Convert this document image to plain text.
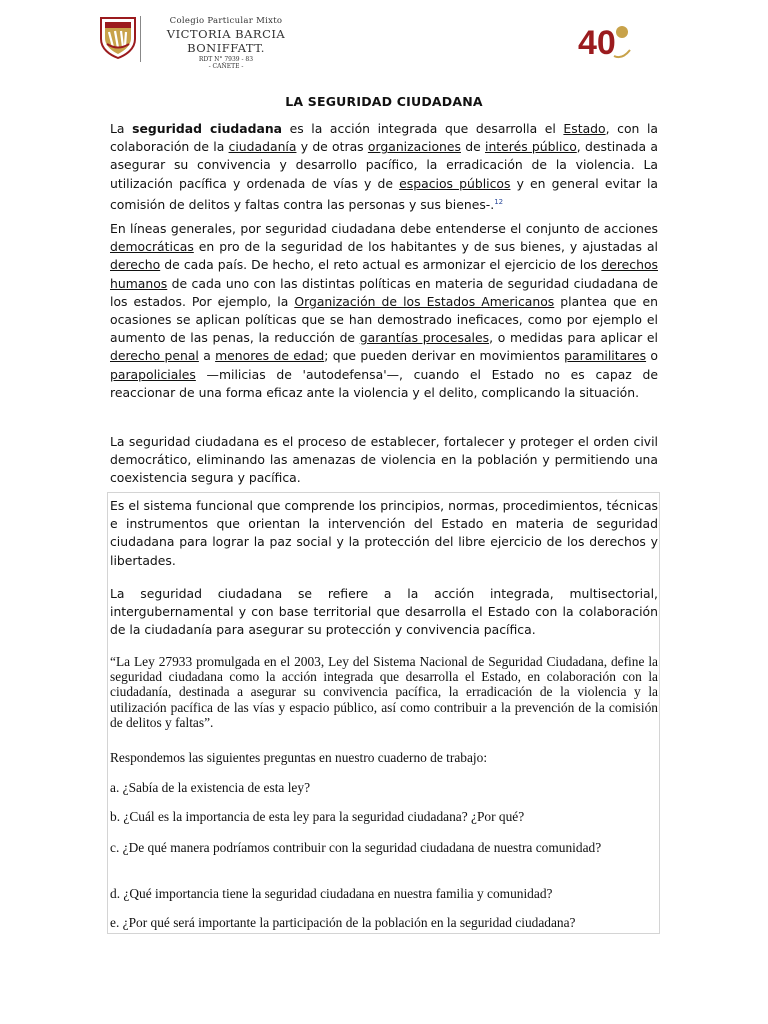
Colegio Particular Mixto
VICTORIA BARCIA BONIFFATT.
RDT N° 7939 - 83
- CAÑETE -
40
LA SEGURIDAD CIUDADANA

La seguridad ciudadana es la acción integrada que desarrolla el Estado, con la colaboración de la ciudadanía y de otras organizaciones de interés público, destinada a asegurar su convivencia y desarrollo pacífico, la erradicación de la violencia. La utilización pacífica y ordenada de vías y de espacios públicos y en general evitar la comisión de delitos y faltas contra las personas y sus bienes-.$^{12}$

En líneas generales, por seguridad ciudadana debe entenderse el conjunto de acciones democráticas en pro de la seguridad de los habitantes y de sus bienes, y ajustadas al derecho de cada país. De hecho, el reto actual es armonizar el ejercicio de los derechos humanos de cada uno con las distintas políticas en materia de seguridad ciudadana de los estados. Por ejemplo, la Organización de los Estados Americanos plantea que en ocasiones se aplican políticas que se han demostrado ineficaces, como por ejemplo el aumento de las penas, la reducción de garantías procesales, o medidas para aplicar el derecho penal a menores de edad; que pueden derivar en movimientos paramilitares o parapoliciales —milicias de 'autodefensa'—, cuando el Estado no es capaz de reaccionar de una forma eficaz ante la violencia y el delito, complicando la situación.

La seguridad ciudadana es el proceso de establecer, fortalecer y proteger el orden civil democrático, eliminando las amenazas de violencia en la población y permitiendo una coexistencia segura y pacífica.

Es el sistema funcional que comprende los principios, normas, procedimientos, técnicas e instrumentos que orientan la intervención del Estado en materia de seguridad ciudadana para lograr la paz social y la protección del libre ejercicio de los derechos y libertades.

La seguridad ciudadana se refiere a la acción integrada, multisectorial, intergubernamental y con base territorial que desarrolla el Estado con la colaboración de la ciudadanía para asegurar su protección y convivencia pacífica.

“La Ley 27933 promulgada en el 2003, Ley del Sistema Nacional de Seguridad Ciudadana, define la seguridad ciudadana como la acción integrada que desarrolla el Estado, en colaboración con la ciudadanía, destinada a asegurar su convivencia pacífica, la erradicación de la violencia y la utilización pacífica de las vías y espacio público, así como contribuir a la prevención de la comisión de delitos y faltas”.

Respondemos las siguientes preguntas en nuestro cuaderno de trabajo:

a. ¿Sabía de la existencia de esta ley?

b. ¿Cuál es la importancia de esta ley para la seguridad ciudadana? ¿Por qué?

c. ¿De qué manera podríamos contribuir con la seguridad ciudadana de nuestra comunidad?

d. ¿Qué importancia tiene la seguridad ciudadana en nuestra familia y comunidad?

e. ¿Por qué será importante la participación de la población en la seguridad ciudadana?
